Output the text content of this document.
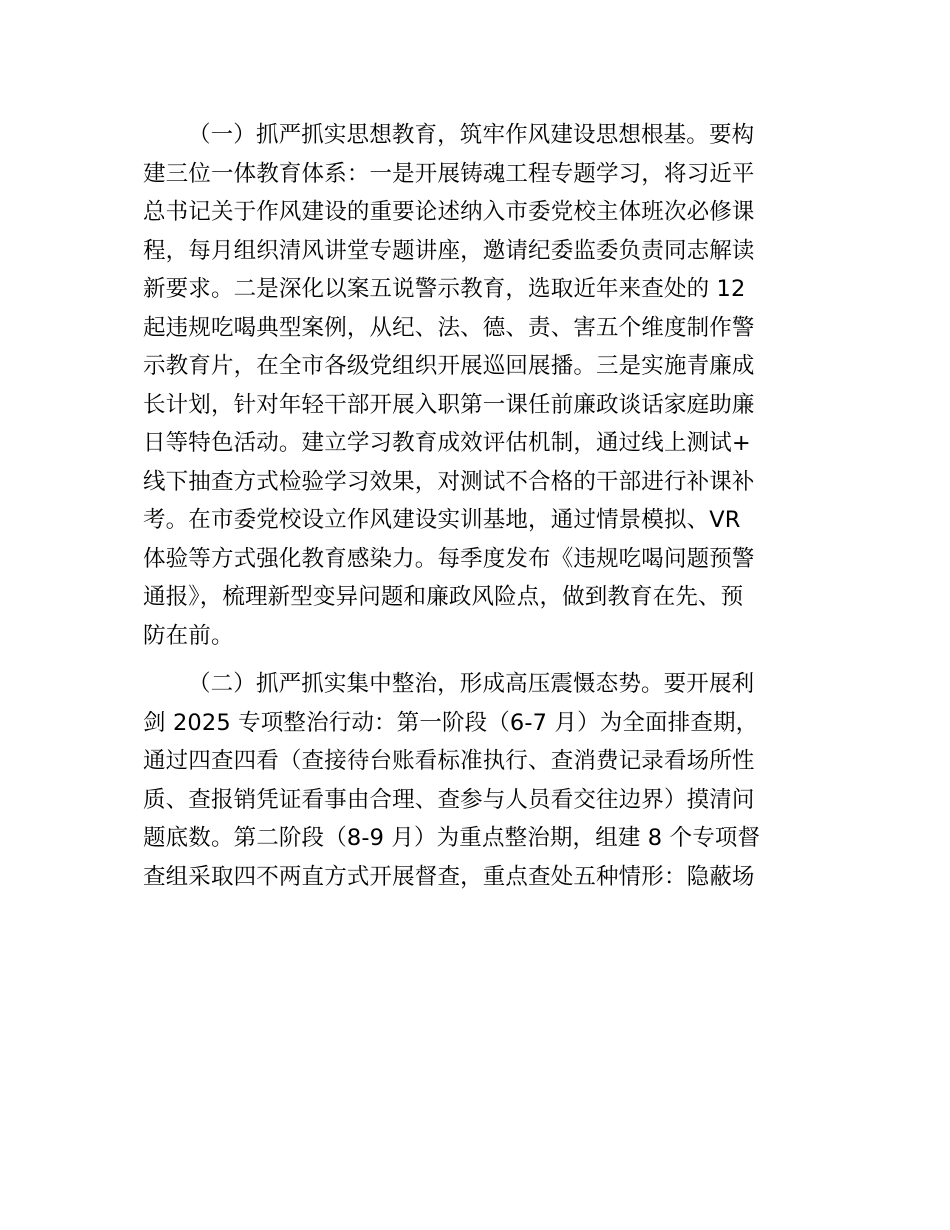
（一）抓严抓实思想教育，筑牢作风建设思想根基。要构
建三位一体教育体系：一是开展铸魂工程专题学习，将习近平
总书记关于作风建设的重要论述纳入市委党校主体班次必修课
程，每月组织清风讲堂专题讲座，邀请纪委监委负责同志解读
新要求。二是深化以案五说警示教育，选取近年来查处的 12
起违规吃喝典型案例，从纪、法、德、责、害五个维度制作警
示教育片，在全市各级党组织开展巡回展播。三是实施青廉成
长计划，针对年轻干部开展入职第一课任前廉政谈话家庭助廉
日等特色活动。建立学习教育成效评估机制，通过线上测试+
线下抽查方式检验学习效果，对测试不合格的干部进行补课补
考。在市委党校设立作风建设实训基地，通过情景模拟、VR
体验等方式强化教育感染力。每季度发布《违规吃喝问题预警
通报》，梳理新型变异问题和廉政风险点，做到教育在先、预
防在前。
（二）抓严抓实集中整治，形成高压震慑态势。要开展利
剑 2025 专项整治行动：第一阶段（6-7 月）为全面排查期，
通过四查四看（查接待台账看标准执行、查消费记录看场所性
质、查报销凭证看事由合理、查参与人员看交往边界）摸清问
题底数。第二阶段（8-9 月）为重点整治期，组建 8 个专项督
查组采取四不两直方式开展督查，重点查处五种情形：隐蔽场
